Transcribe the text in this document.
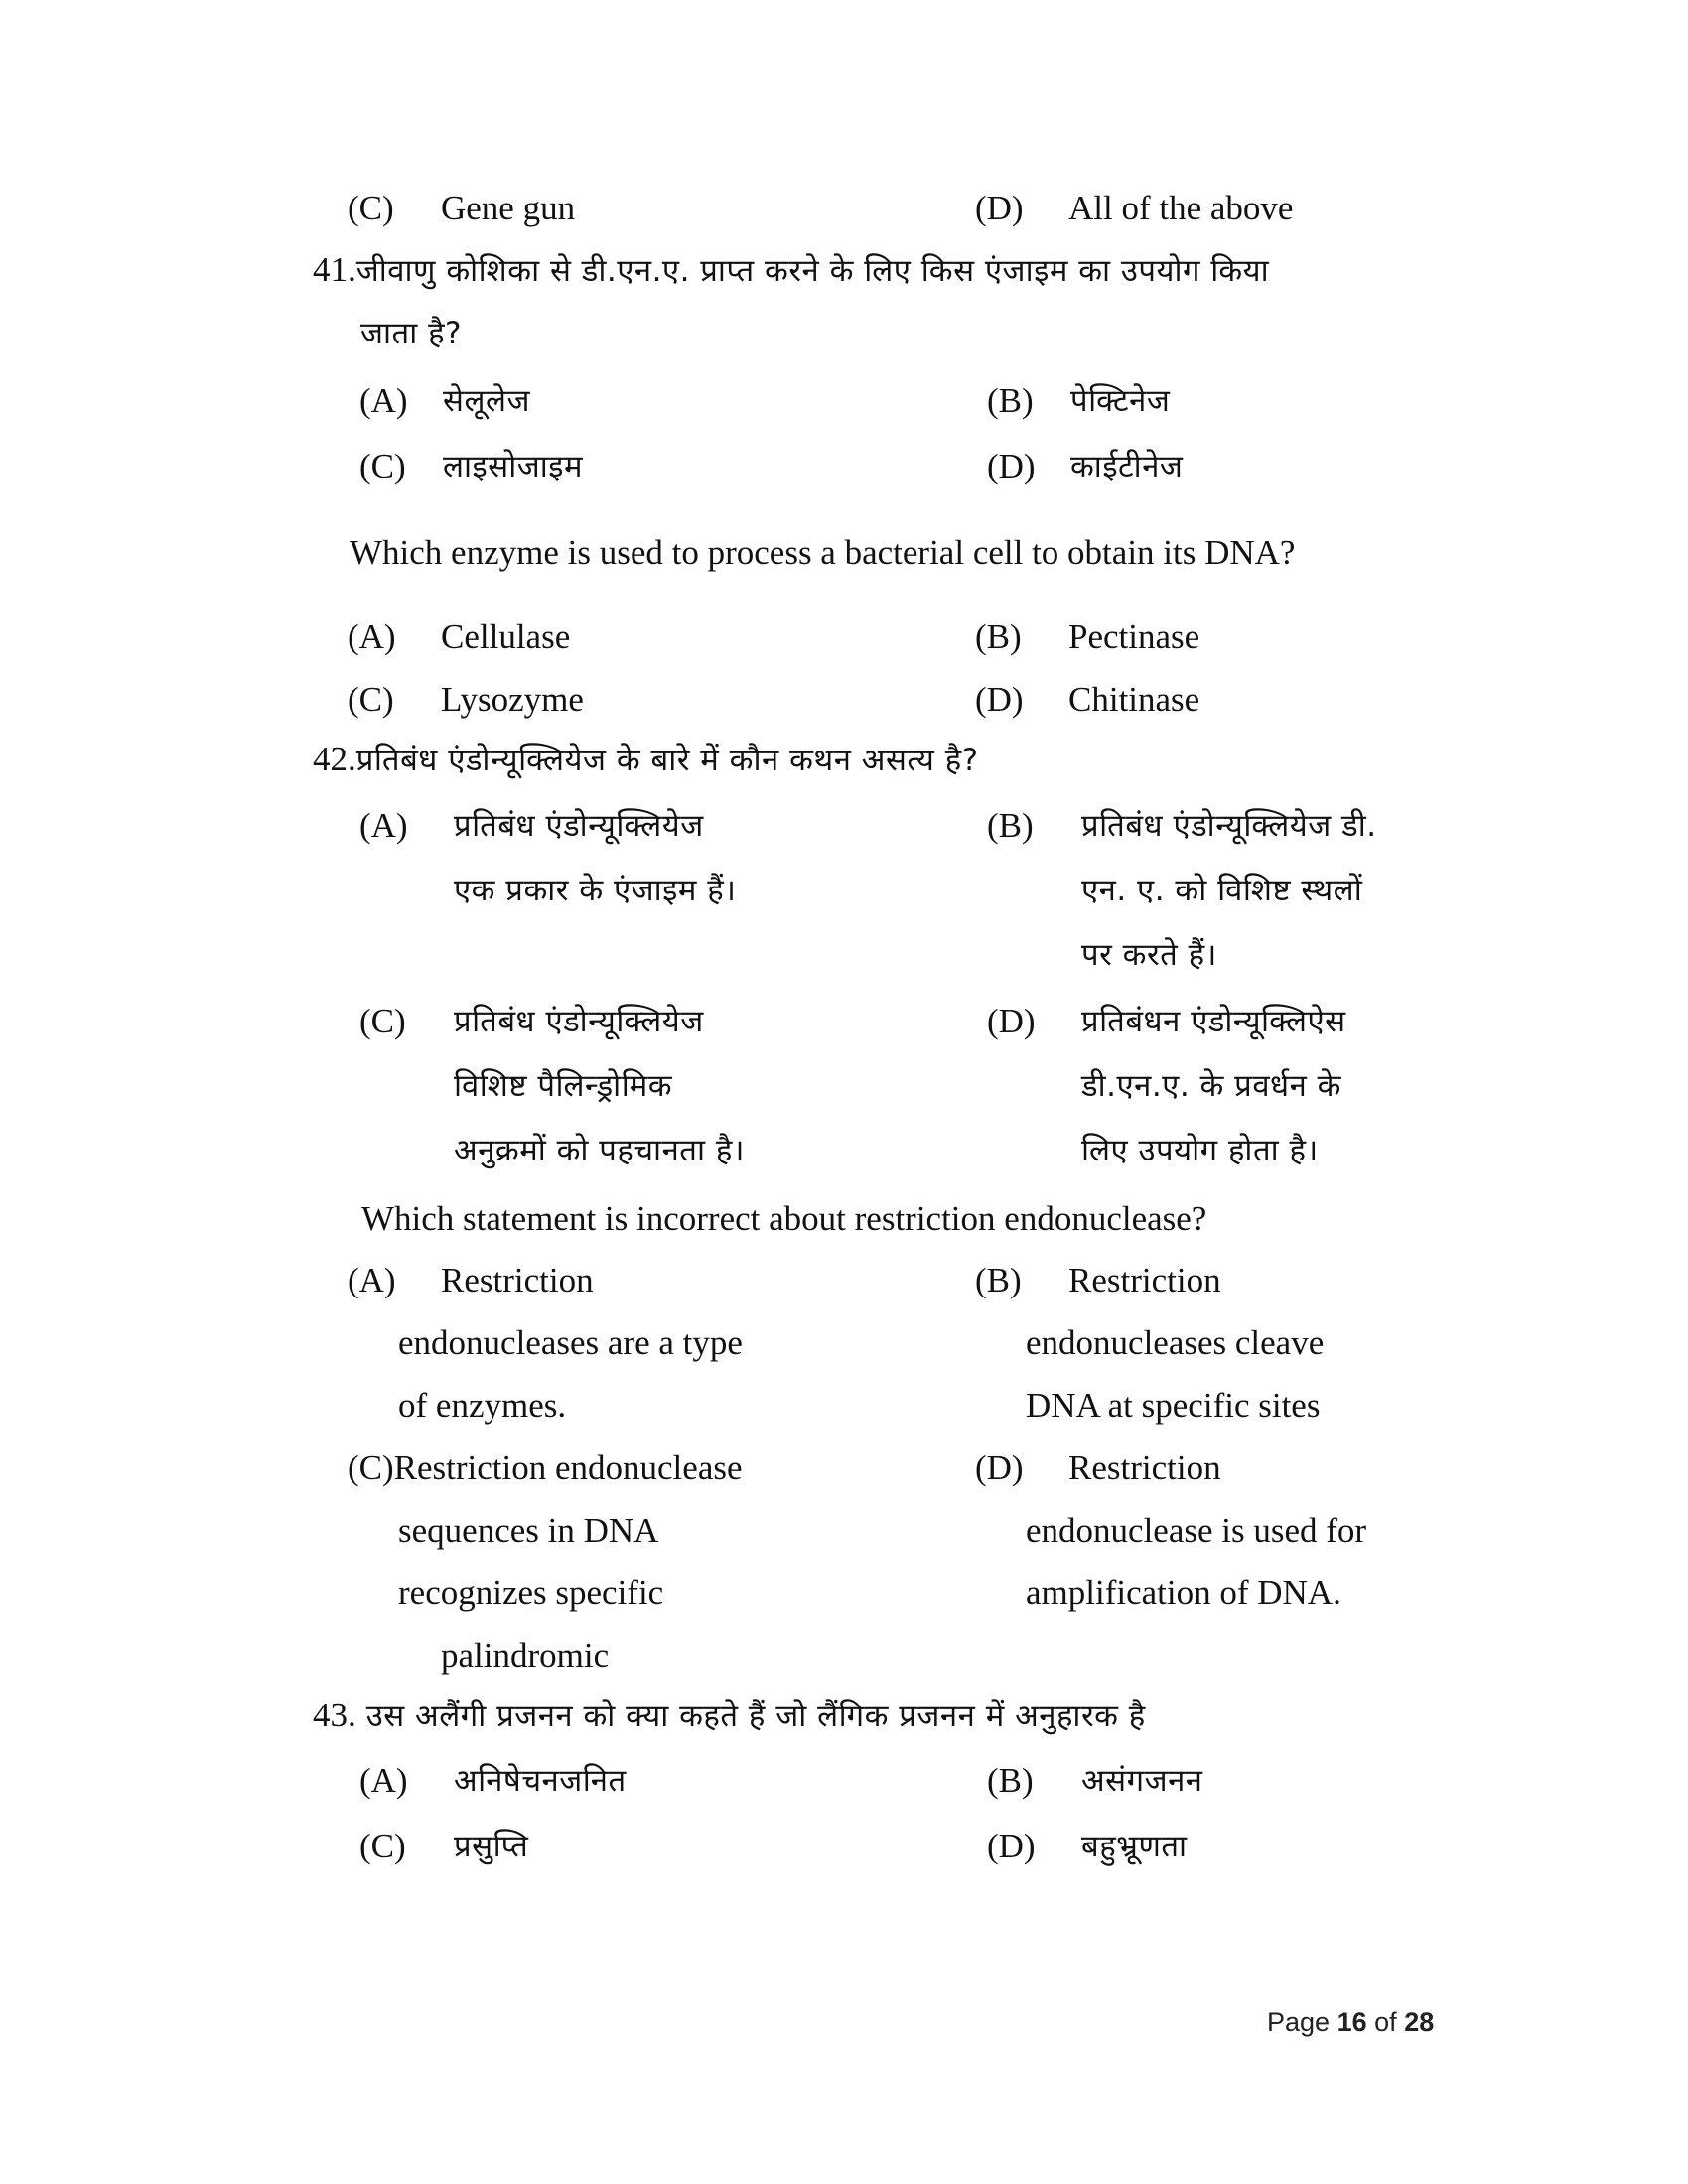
(C) Gene gun	(D) All of the above
41.जीवाणु कोशिका से डी.एन.ए. प्राप्त करने के लिए किस एंजाइम का उपयोग किया
जाता है?
(A) सेलूलेज	(B) पेक्टिनेज
(C) लाइसोजाइम	(D) काईटीनेज
Which enzyme is used to process a bacterial cell to obtain its DNA?
(A) Cellulase	(B) Pectinase
(C) Lysozyme	(D) Chitinase
42.प्रतिबंध एंडोन्यूक्लियेज के बारे में कौन कथन असत्य है?
(A) प्रतिबंध एंडोन्यूक्लियेज
एक प्रकार के एंजाइम हैं।
(B) प्रतिबंध एंडोन्यूक्लियेज डी.
एन. ए. को विशिष्ट स्थलों
पर करते हैं।
(C) प्रतिबंध एंडोन्यूक्लियेज
विशिष्ट पैलिन्ड्रोमिक
अनुक्रमों को पहचानता है।
(D) प्रतिबंधन एंडोन्यूक्लिऐस
डी.एन.ए. के प्रवर्धन के
लिए उपयोग होता है।
Which statement is incorrect about restriction endonuclease?
(A) Restriction
endonucleases are a type
of enzymes.
(B) Restriction
endonucleases cleave
DNA at specific sites
(C)Restriction endonuclease
sequences in DNA
recognizes specific
palindromic
(D) Restriction
endonuclease is used for
amplification of DNA.
43. उस अलैंगी प्रजनन को क्या कहते हैं जो लैंगिक प्रजनन में अनुहारक है
(A) अनिषेचनजनित	(B) असंगजनन
(C) प्रसुप्ति	(D) बहुभ्रूणता
Page 16 of 28
